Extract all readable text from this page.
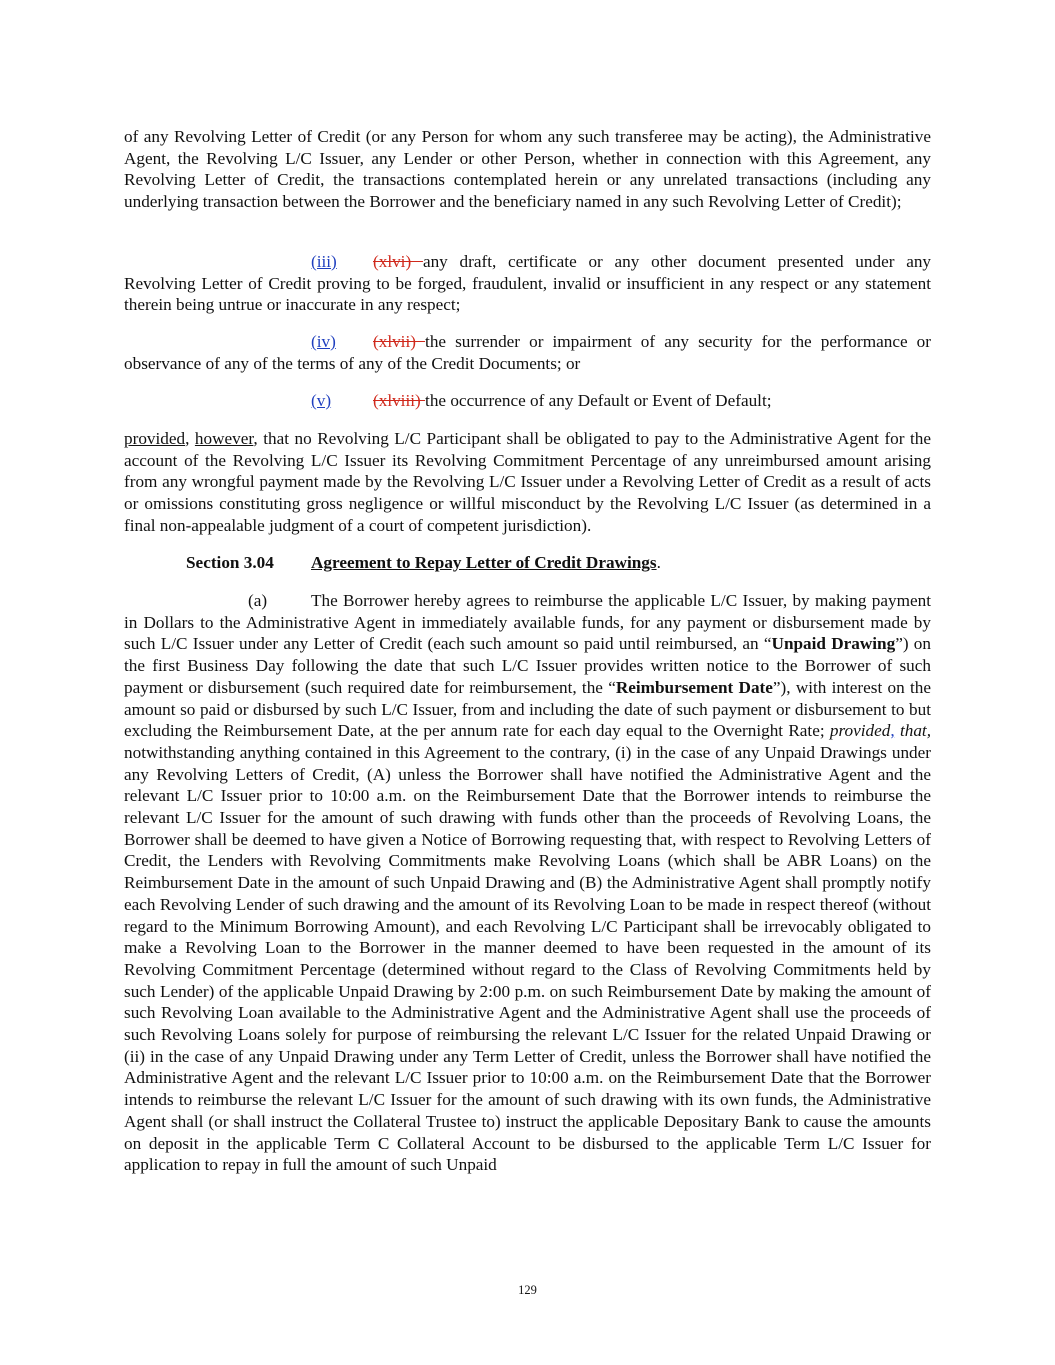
of any Revolving Letter of Credit (or any Person for whom any such transferee may be acting), the Administrative Agent, the Revolving L/C Issuer, any Lender or other Person, whether in connection with this Agreement, any Revolving Letter of Credit, the transactions contemplated herein or any unrelated transactions (including any underlying transaction between the Borrower and the beneficiary named in any such Revolving Letter of Credit);

(iii) (xlvi) any draft, certificate or any other document presented under any Revolving Letter of Credit proving to be forged, fraudulent, invalid or insufficient in any respect or any statement therein being untrue or inaccurate in any respect;

(iv) (xlvii) the surrender or impairment of any security for the performance or observance of any of the terms of any of the Credit Documents; or

(v) (xlviii) the occurrence of any Default or Event of Default;

provided, however, that no Revolving L/C Participant shall be obligated to pay to the Administrative Agent for the account of the Revolving L/C Issuer its Revolving Commitment Percentage of any unreimbursed amount arising from any wrongful payment made by the Revolving L/C Issuer under a Revolving Letter of Credit as a result of acts or omissions constituting gross negligence or willful misconduct by the Revolving L/C Issuer (as determined in a final non-appealable judgment of a court of competent jurisdiction).

Section 3.04 Agreement to Repay Letter of Credit Drawings.

(a)	The Borrower hereby agrees to reimburse the applicable L/C Issuer, by making payment in Dollars to the Administrative Agent in immediately available funds, for any payment or disbursement made by such L/C Issuer under any Letter of Credit (each such amount so paid until reimbursed, an “Unpaid Drawing”) on the first Business Day following the date that such L/C Issuer provides written notice to the Borrower of such payment or disbursement (such required date for reimbursement, the “Reimbursement Date”), with interest on the amount so paid or disbursed by such L/C Issuer, from and including the date of such payment or disbursement to but excluding the Reimbursement Date, at the per annum rate for each day equal to the Overnight Rate; provided, that, notwithstanding anything contained in this Agreement to the contrary, (i) in the case of any Unpaid Drawings under any Revolving Letters of Credit, (A) unless the Borrower shall have notified the Administrative Agent and the relevant L/C Issuer prior to 10:00 a.m. on the Reimbursement Date that the Borrower intends to reimburse the relevant L/C Issuer for the amount of such drawing with funds other than the proceeds of Revolving Loans, the Borrower shall be deemed to have given a Notice of Borrowing requesting that, with respect to Revolving Letters of Credit, the Lenders with Revolving Commitments make Revolving Loans (which shall be ABR Loans) on the Reimbursement Date in the amount of such Unpaid Drawing and (B) the Administrative Agent shall promptly notify each Revolving Lender of such drawing and the amount of its Revolving Loan to be made in respect thereof (without regard to the Minimum Borrowing Amount), and each Revolving L/C Participant shall be irrevocably obligated to make a Revolving Loan to the Borrower in the manner deemed to have been requested in the amount of its Revolving Commitment Percentage (determined without regard to the Class of Revolving Commitments held by such Lender) of the applicable Unpaid Drawing by 2:00 p.m. on such Reimbursement Date by making the amount of such Revolving Loan available to the Administrative Agent and the Administrative Agent shall use the proceeds of such Revolving Loans solely for purpose of reimbursing the relevant L/C Issuer for the related Unpaid Drawing or (ii) in the case of any Unpaid Drawing under any Term Letter of Credit, unless the Borrower shall have notified the Administrative Agent and the relevant L/C Issuer prior to 10:00 a.m. on the Reimbursement Date that the Borrower intends to reimburse the relevant L/C Issuer for the amount of such drawing with its own funds, the Administrative Agent shall (or shall instruct the Collateral Trustee to) instruct the applicable Depositary Bank to cause the amounts on deposit in the applicable Term C Collateral Account to be disbursed to the applicable Term L/C Issuer for application to repay in full the amount of such Unpaid

129
